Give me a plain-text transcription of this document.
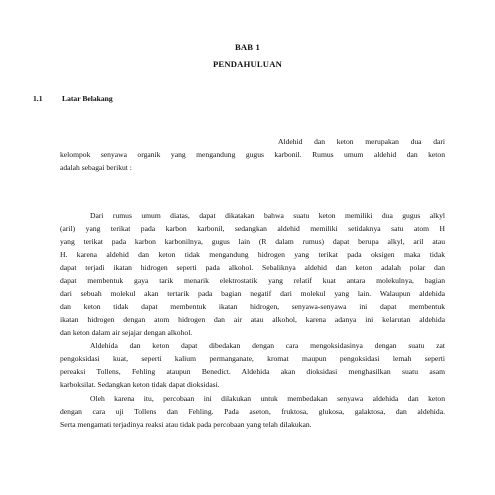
BAB 1
PENDAHULUAN
1.1	Latar Belakang
Aldehid dan keton merupakan dua dari
kelompok senyawa organik yang mengandung gugus karbonil. Rumus umum aldehid dan keton
adalah sebagai berikut :
Dari rumus umum diatas, dapat dikatakan bahwa suatu keton memiliki dua gugus alkyl
(aril) yang terikat pada karbon karbonil, sedangkan aldehid memiliki setidaknya satu atom H
yang terikat pada karbon karbonilnya, gugus lain (R dalam rumus) dapat berupa alkyl, aril atau
H. karena aldehid dan keton tidak mengandung hidrogen yang terikat pada oksigen maka tidak
dapat terjadi ikatan hidrogen seperti pada alkohol. Sebaliknya aldehid dan keton adalah polar dan
dapat membentuk gaya tarik menarik elektrostatik yang relatif kuat antara molekulnya, bagian
dari sebuah molekul akan tertarik pada bagian negatif dari molekul yang lain. Walaupun aldehida
dan keton tidak dapat membentuk ikatan hidrogen, senyawa-senyawa ini dapat membentuk
ikatan hidrogen dengan atom hidrogen dan air atau alkohol, karena adanya ini kelarutan aldehida
dan keton dalam air sejajar dengan alkohol.
Aldehida dan keton dapat dibedakan dengan cara mengoksidasinya dengan suatu zat
pengoksidasi kuat, seperti kalium permanganate, kromat maupun pengoksidasi lemah seperti
pereaksi Tollens, Fehling ataupun Benedict. Aldehida akan dioksidasi menghasilkan suatu asam
karboksilat. Sedangkan keton tidak dapat dioksidasi.
Oleh karena itu, percobaan ini dilakukan untuk membedakan senyawa aldehida dan keton
dengan cara uji Tollens dan Fehling. Pada aseton, fruktosa, glukosa, galaktosa, dan aldehida.
Serta mengamati terjadinya reaksi atau tidak pada percobaan yang telah dilakukan.
